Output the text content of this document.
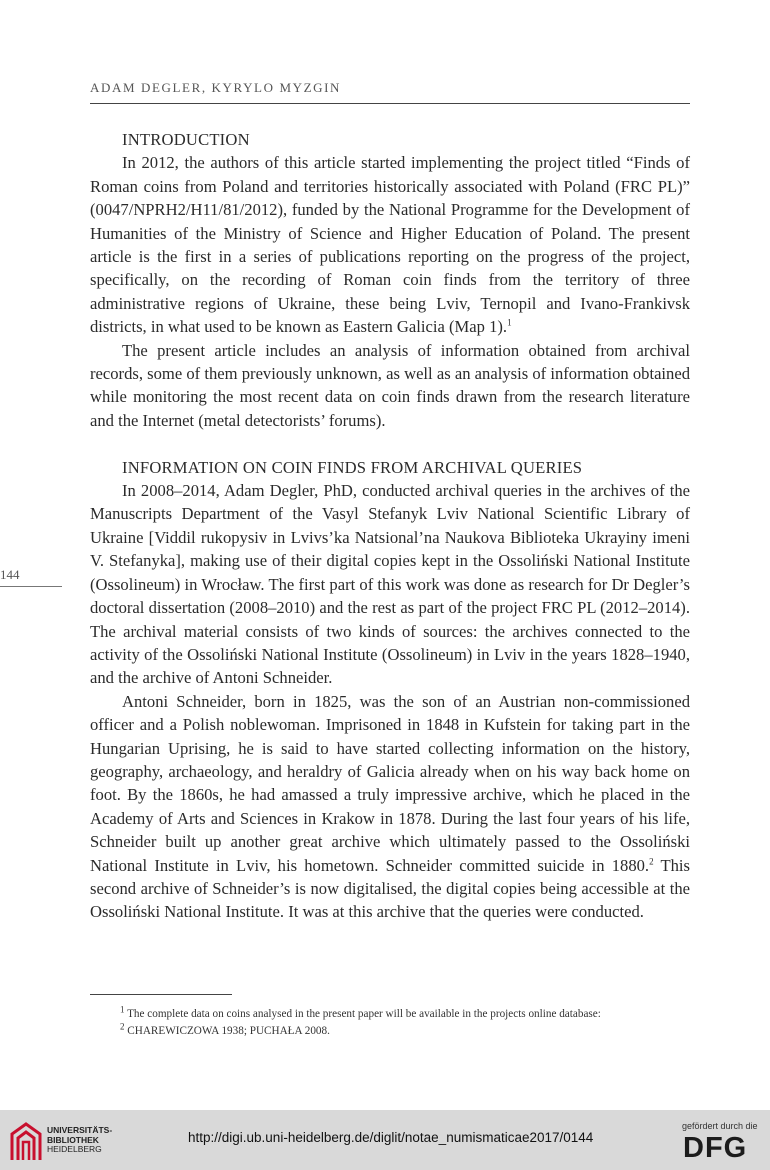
ADAM DEGLER, KYRYLO MYZGIN
144
INTRODUCTION

In 2012, the authors of this article started implementing the project titled “Finds of Roman coins from Poland and territories historically associated with Poland (FRC PL)” (0047/NPRH2/H11/81/2012), funded by the National Programme for the Development of Humanities of the Ministry of Science and Higher Education of Poland. The present article is the first in a series of publications reporting on the progress of the project, specifically, on the recording of Roman coin finds from the territory of three administrative regions of Ukraine, these being Lviv, Ternopil and Ivano-Frankivsk districts, in what used to be known as Eastern Galicia (Map 1).$^1$

The present article includes an analysis of information obtained from archival records, some of them previously unknown, as well as an analysis of information obtained while monitoring the most recent data on coin finds drawn from the research literature and the Internet (metal detectorists’ forums).

INFORMATION ON COIN FINDS FROM ARCHIVAL QUERIES

In 2008–2014, Adam Degler, PhD, conducted archival queries in the archives of the Manuscripts Department of the Vasyl Stefanyk Lviv National Scientific Library of Ukraine [Viddil rukopysiv in Lvivs’ka Natsional’na Naukova Biblioteka Ukrayiny imeni V. Stefanyka], making use of their digital copies kept in the Ossoliński National Institute (Ossolineum) in Wrocław. The first part of this work was done as research for Dr Degler’s doctoral dissertation (2008–2010) and the rest as part of the project FRC PL (2012–2014). The archival material consists of two kinds of sources: the archives connected to the activity of the Ossoliński National Institute (Ossolineum) in Lviv in the years 1828–1940, and the archive of Antoni Schneider.

Antoni Schneider, born in 1825, was the son of an Austrian non-commissioned officer and a Polish noblewoman. Imprisoned in 1848 in Kufstein for taking part in the Hungarian Uprising, he is said to have started collecting information on the history, geography, archaeology, and heraldry of Galicia already when on his way back home on foot. By the 1860s, he had amassed a truly impressive archive, which he placed in the Academy of Arts and Sciences in Krakow in 1878. During the last four years of his life, Schneider built up another great archive which ultimately passed to the Ossoliński National Institute in Lviv, his hometown. Schneider committed suicide in 1880.$^2$ This second archive of Schneider’s is now digitalised, the digital copies being accessible at the Ossoliński National Institute. It was at this archive that the queries were conducted.

$^1$ The complete data on coins analysed in the present paper will be available in the projects online database:
$^2$ CHAREWICZOWA 1938; PUCHAŁA 2008.
UNIVERSITÄTS-
BIBLIOTHEK
HEIDELBERG
http://digi.ub.uni-heidelberg.de/diglit/notae_numismaticae2017/0144
gefördert durch die
DFG
